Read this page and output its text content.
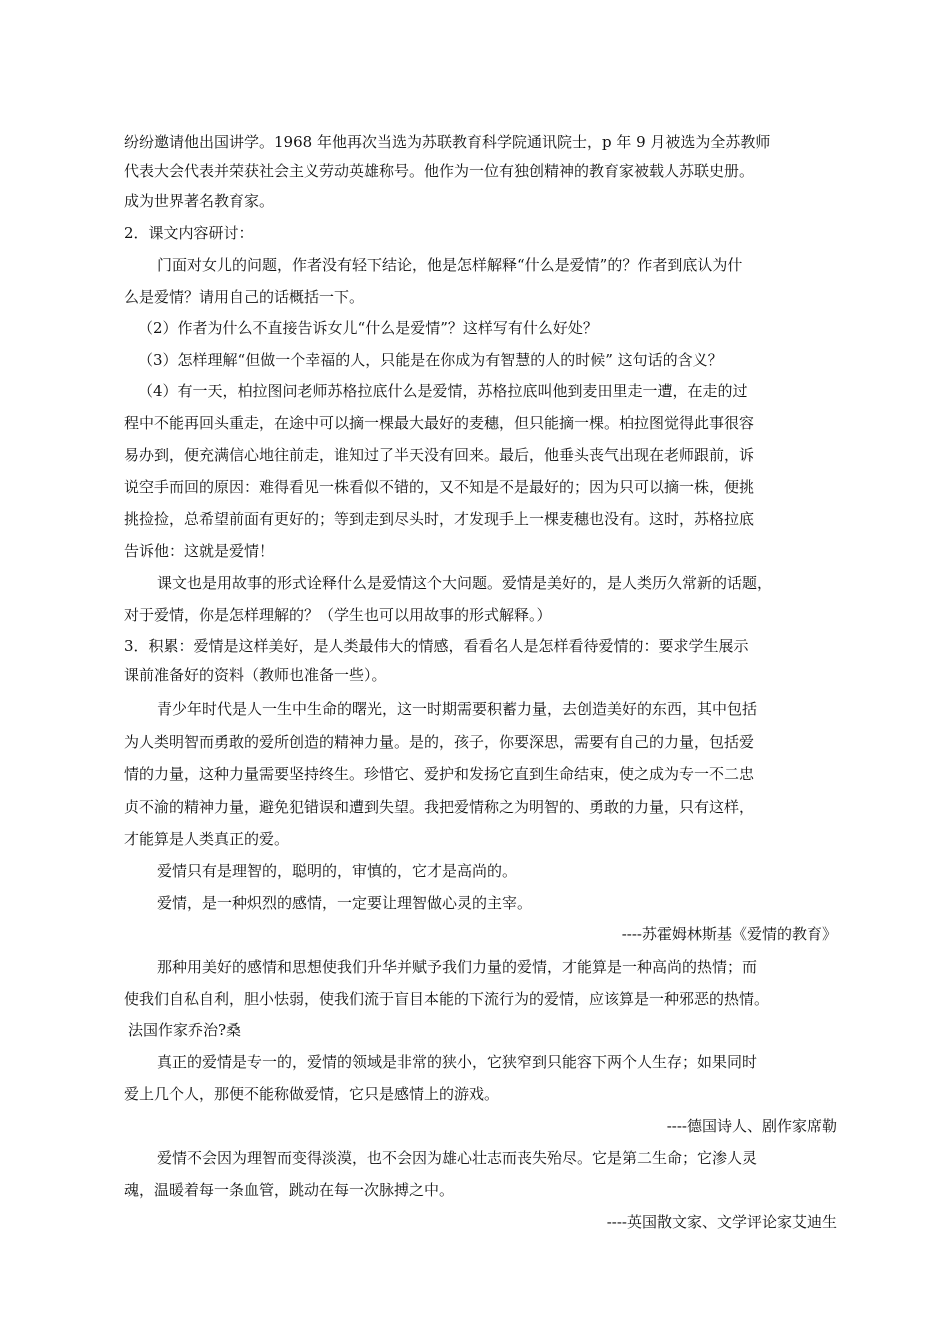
纷纷邀请他出国讲学。1968 年他再次当选为苏联教育科学院通讯院士，p 年 9 月被选为全苏教师
代表大会代表并荣获社会主义劳动英雄称号。他作为一位有独创精神的教育家被载人苏联史册。
成为世界著名教育家。
2．课文内容研讨：
门面对女儿的问题，作者没有轻下结论，他是怎样解释“什么是爱情”的？作者到底认为什
么是爱情？请用自己的话概括一下。
（2）作者为什么不直接告诉女儿“什么是爱情”？这样写有什么好处？
（3）怎样理解“但做一个幸福的人，只能是在你成为有智慧的人的时候” 这句话的含义？
（4）有一天，柏拉图问老师苏格拉底什么是爱情，苏格拉底叫他到麦田里走一遭，在走的过
程中不能再回头重走，在途中可以摘一棵最大最好的麦穗，但只能摘一棵。柏拉图觉得此事很容
易办到，便充满信心地往前走，谁知过了半天没有回来。最后，他垂头丧气出现在老师跟前，诉
说空手而回的原因：难得看见一株看似不错的，又不知是不是最好的；因为只可以摘一株，便挑
挑捡捡，总希望前面有更好的；等到走到尽头时，才发现手上一棵麦穗也没有。这时，苏格拉底
告诉他：这就是爱情！
课文也是用故事的形式诠释什么是爱情这个大问题。爱情是美好的，是人类历久常新的话题，
对于爱情，你是怎样理解的？（学生也可以用故事的形式解释。）
3．积累：爱情是这样美好，是人类最伟大的情感，看看名人是怎样看待爱情的：要求学生展示
课前准备好的资料（教师也准备一些）。
青少年时代是人一生中生命的曙光，这一时期需要积蓄力量，去创造美好的东西，其中包括
为人类明智而勇敢的爱所创造的精神力量。是的，孩子，你要深思，需要有自己的力量，包括爱
情的力量，这种力量需要坚持终生。珍惜它、爱护和发扬它直到生命结束，使之成为专一不二忠
贞不渝的精神力量，避免犯错误和遭到失望。我把爱情称之为明智的、勇敢的力量，只有这样，
才能算是人类真正的爱。
爱情只有是理智的，聪明的，审慎的，它才是高尚的。
爱情，是一种炽烈的感情，一定要让理智做心灵的主宰。
----苏霍姆林斯基《爱情的教育》
那种用美好的感情和思想使我们升华并赋予我们力量的爱情，才能算是一种高尚的热情；而
使我们自私自利，胆小怯弱，使我们流于盲目本能的下流行为的爱情，应该算是一种邪恶的热情。
法国作家乔治?桑
真正的爱情是专一的，爱情的领域是非常的狭小，它狭窄到只能容下两个人生存；如果同时
爱上几个人，那便不能称做爱情，它只是感情上的游戏。
----德国诗人、剧作家席勒
爱情不会因为理智而变得淡漠，也不会因为雄心壮志而丧失殆尽。它是第二生命；它渗人灵
魂，温暖着每一条血管，跳动在每一次脉搏之中。
----英国散文家、文学评论家艾迪生
